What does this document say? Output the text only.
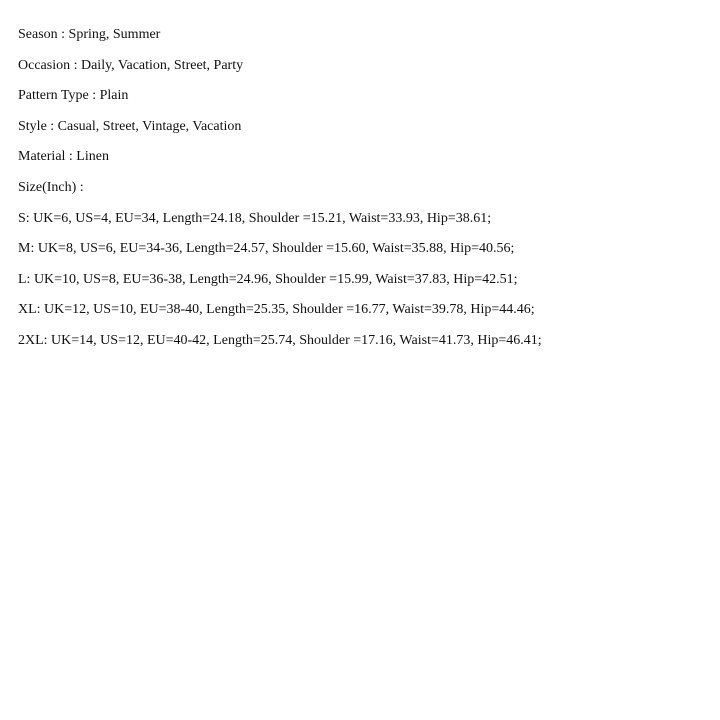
Season : Spring, Summer
Occasion : Daily, Vacation, Street, Party
Pattern Type : Plain
Style : Casual, Street, Vintage, Vacation
Material : Linen
Size(Inch) :
S: UK=6, US=4, EU=34, Length=24.18, Shoulder =15.21, Waist=33.93, Hip=38.61;
M: UK=8, US=6, EU=34-36, Length=24.57, Shoulder =15.60, Waist=35.88, Hip=40.56;
L: UK=10, US=8, EU=36-38, Length=24.96, Shoulder =15.99, Waist=37.83, Hip=42.51;
XL: UK=12, US=10, EU=38-40, Length=25.35, Shoulder =16.77, Waist=39.78, Hip=44.46;
2XL: UK=14, US=12, EU=40-42, Length=25.74, Shoulder =17.16, Waist=41.73, Hip=46.41;
